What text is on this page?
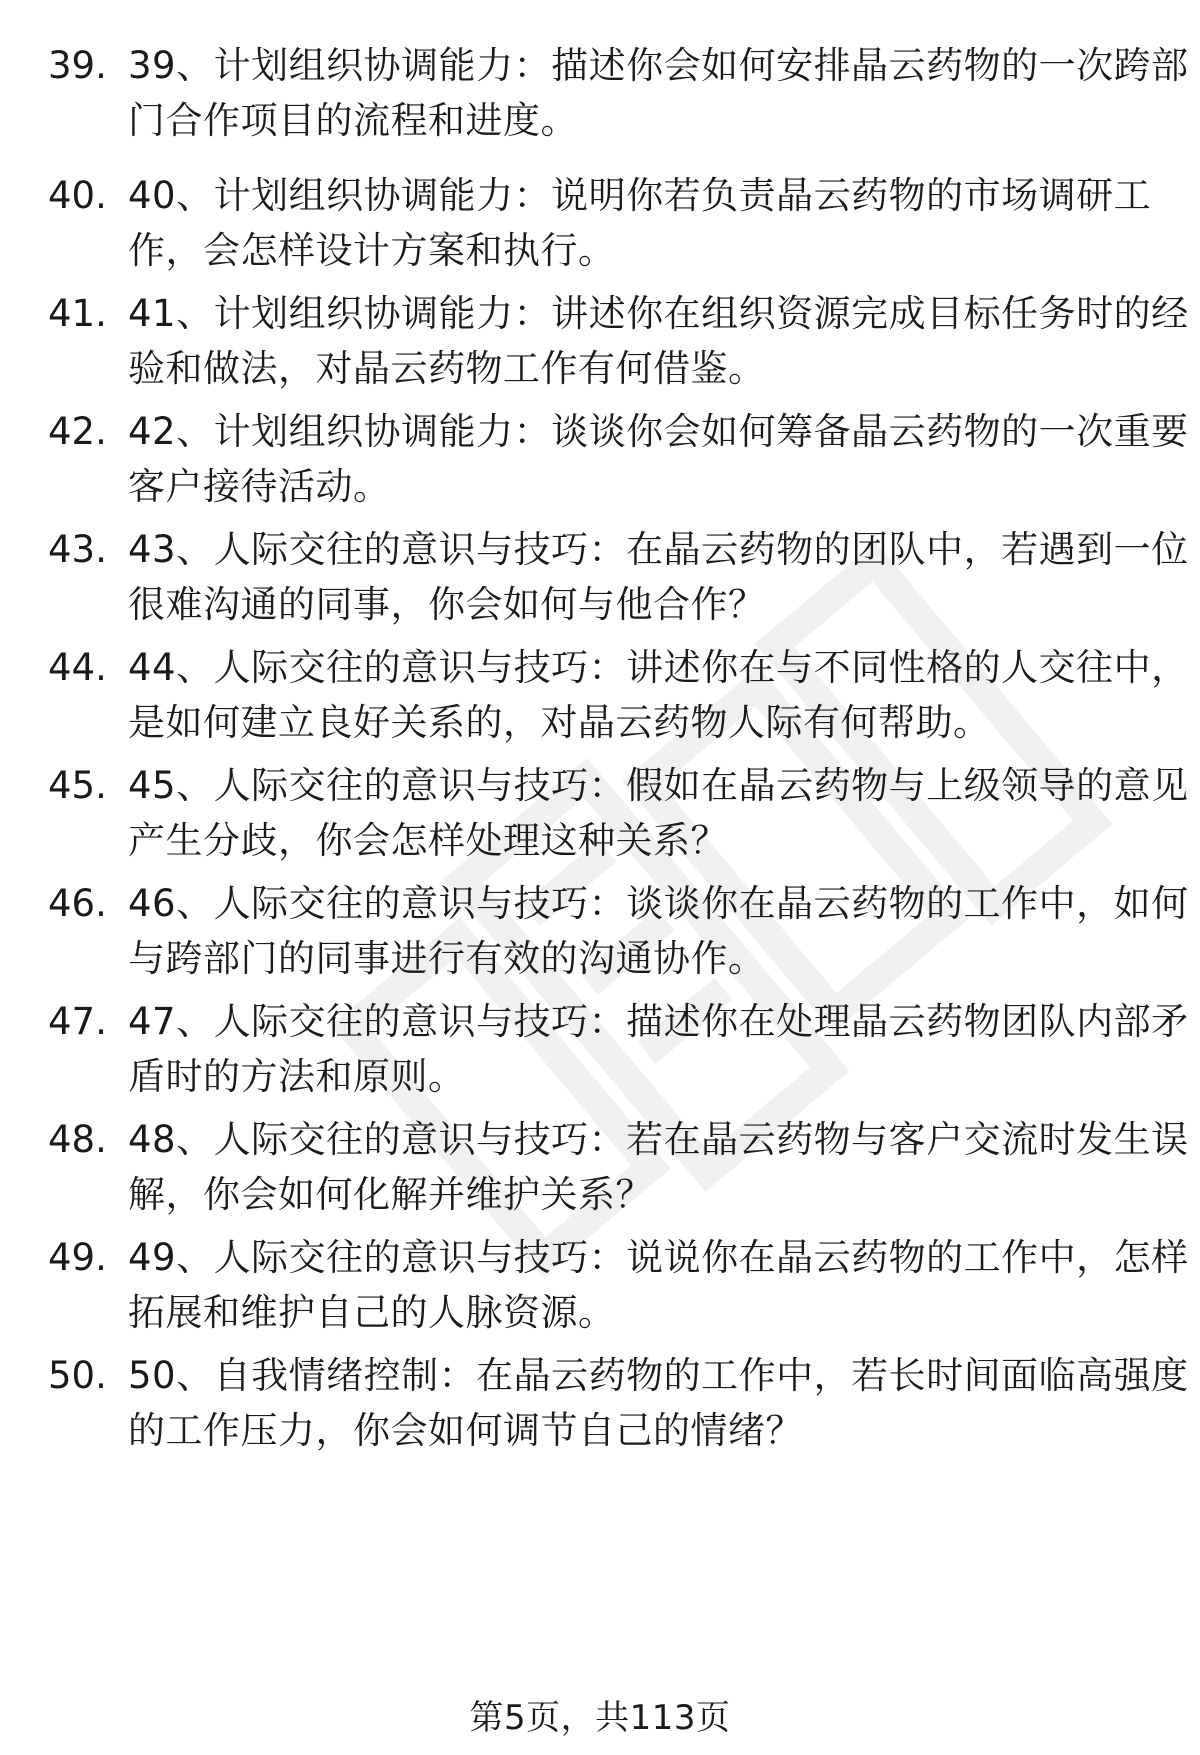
39. 39、计划组织协调能力：描述你会如何安排晶云药物的一次跨部
门合作项目的流程和进度。
40. 40、计划组织协调能力：说明你若负责晶云药物的市场调研工
作，会怎样设计方案和执行。
41. 41、计划组织协调能力：讲述你在组织资源完成目标任务时的经
验和做法，对晶云药物工作有何借鉴。
42. 42、计划组织协调能力：谈谈你会如何筹备晶云药物的一次重要
客户接待活动。
43. 43、人际交往的意识与技巧：在晶云药物的团队中，若遇到一位
很难沟通的同事，你会如何与他合作？
44. 44、人际交往的意识与技巧：讲述你在与不同性格的人交往中，
是如何建立良好关系的，对晶云药物人际有何帮助。
45. 45、人际交往的意识与技巧：假如在晶云药物与上级领导的意见
产生分歧，你会怎样处理这种关系？
46. 46、人际交往的意识与技巧：谈谈你在晶云药物的工作中，如何
与跨部门的同事进行有效的沟通协作。
47. 47、人际交往的意识与技巧：描述你在处理晶云药物团队内部矛
盾时的方法和原则。
48. 48、人际交往的意识与技巧：若在晶云药物与客户交流时发生误
解，你会如何化解并维护关系？
49. 49、人际交往的意识与技巧：说说你在晶云药物的工作中，怎样
拓展和维护自己的人脉资源。
50. 50、自我情绪控制：在晶云药物的工作中，若长时间面临高强度
的工作压力，你会如何调节自己的情绪？
第5页，共113页
